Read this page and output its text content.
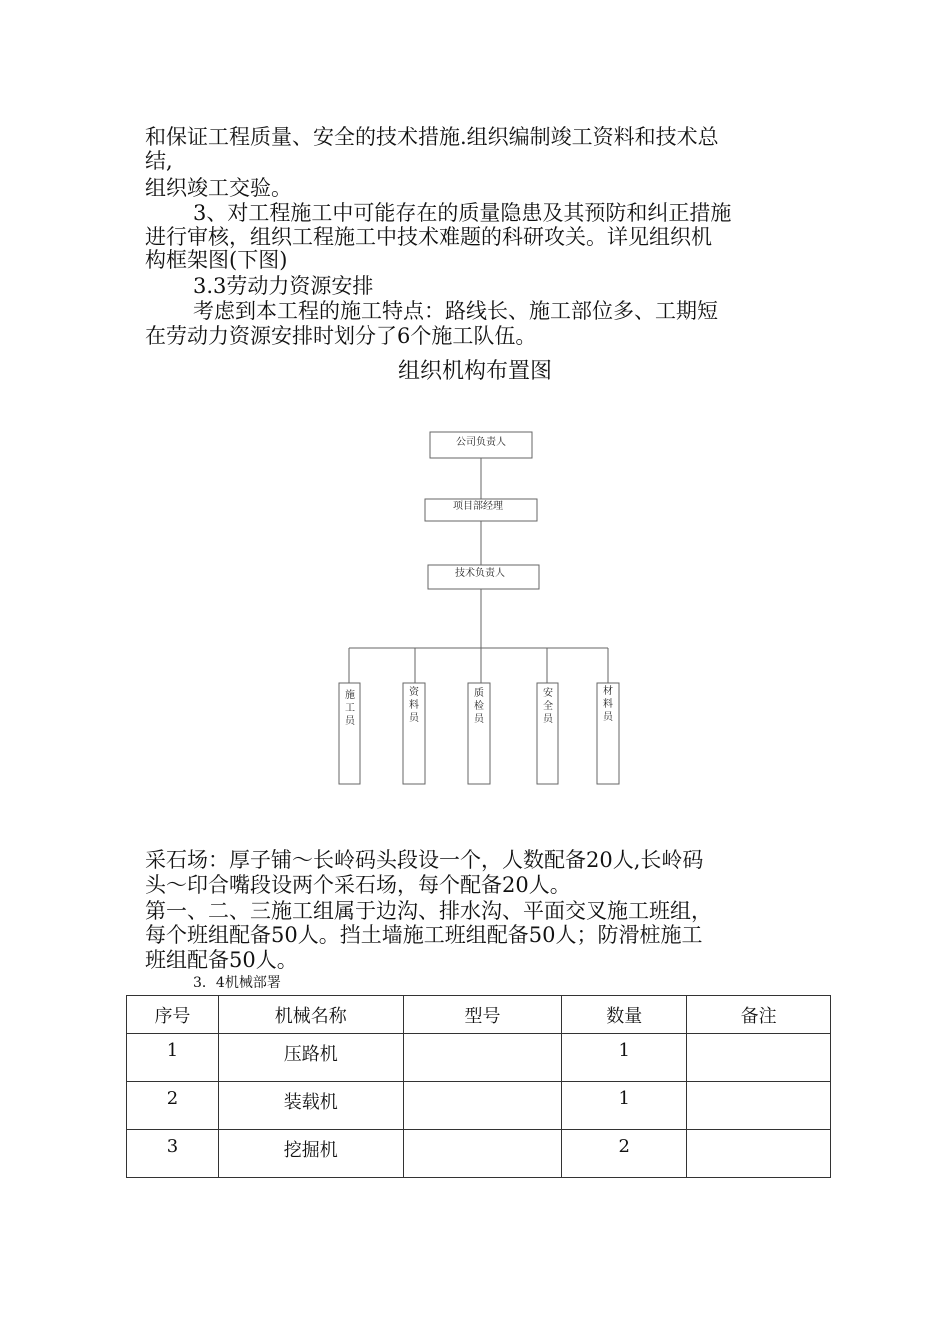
和保证工程质量、安全的技术措施.组织编制竣工资料和技术总

结,

组织竣工交验。

3、对工程施工中可能存在的质量隐患及其预防和纠正措施

进行审核，组织工程施工中技术难题的科研攻关。详见组织机

构框架图(下图)

3.3劳动力资源安排

考虑到本工程的施工特点：路线长、施工部位多、工期短

在劳动力资源安排时划分了6个施工队伍。

组织机构布置图
公司负责人
项目部经理
技术负责人
施
工
员
资
料
员
质
检
员
安
全
员
材
料
员

采石场：厚子铺～长岭码头段设一个，人数配备20人,长岭码

头～印合嘴段设两个采石场，每个配备20人。

第一、二、三施工组属于边沟、排水沟、平面交叉施工班组，

每个班组配备50人。挡土墙施工班组配备50人；防滑桩施工

班组配备50人。

3．4机械部署
序号	机械名称	型号	数量	备注
1	压路机		1	
2	装载机		1	
3	挖掘机		2	
